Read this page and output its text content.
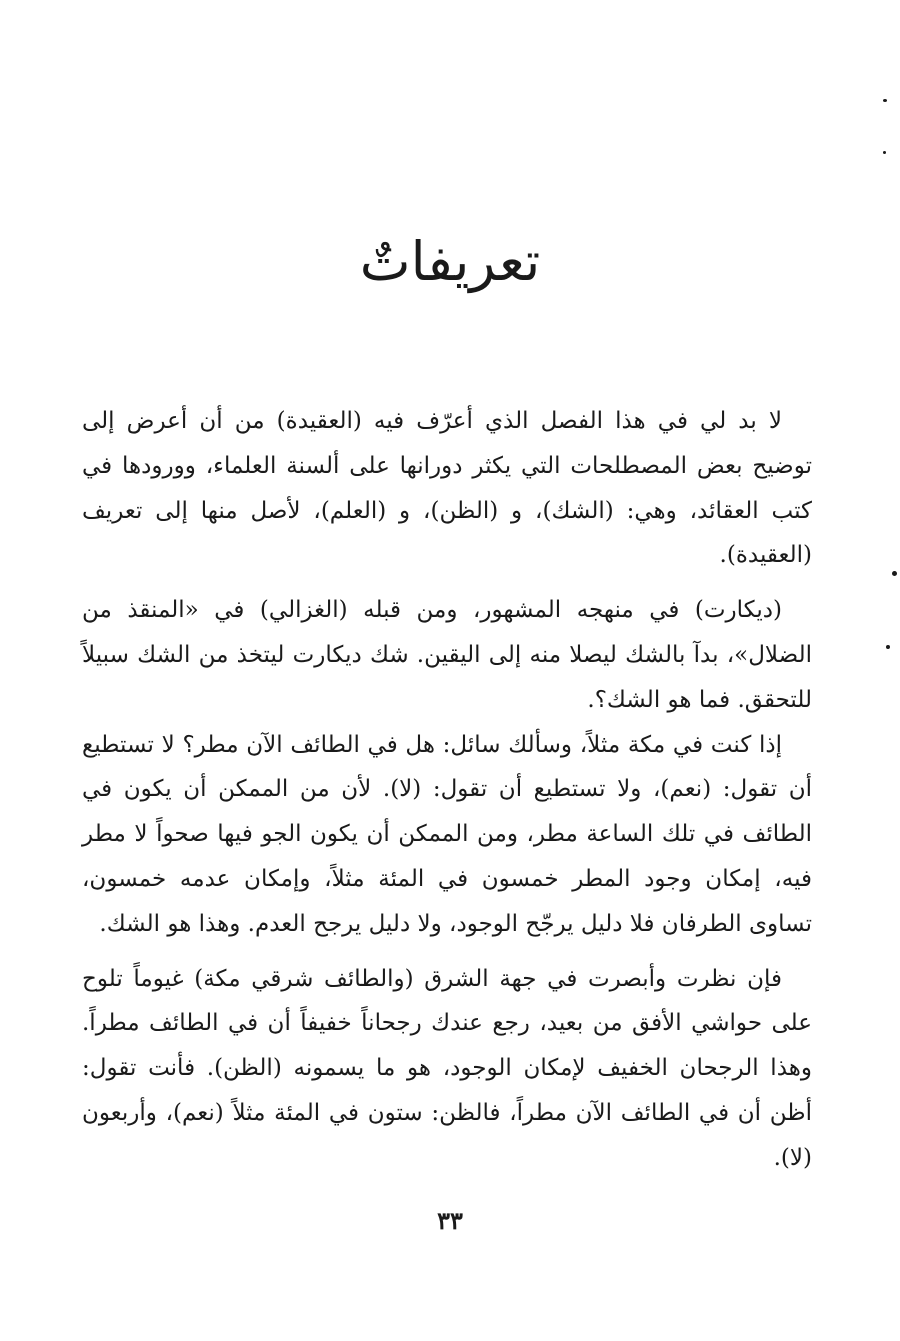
تعريفاتٌ

لا بد لي في هذا الفصل الذي أعرّف فيه (العقيدة) من أن أعرض إلى توضيح بعض المصطلحات التي يكثر دورانها على ألسنة العلماء، وورودها في كتب العقائد، وهي: (الشك)، و (الظن)، و (العلم)، لأصل منها إلى تعريف (العقيدة).

(ديكارت) في منهجه المشهور، ومن قبله (الغزالي) في «المنقذ من الضلال»، بدآ بالشك ليصلا منه إلى اليقين. شك ديكارت ليتخذ من الشك سبيلاً للتحقق. فما هو الشك؟.

إذا كنت في مكة مثلاً، وسألك سائل: هل في الطائف الآن مطر؟ لا تستطيع أن تقول: (نعم)، ولا تستطيع أن تقول: (لا). لأن من الممكن أن يكون في الطائف في تلك الساعة مطر، ومن الممكن أن يكون الجو فيها صحواً لا مطر فيه، إمكان وجود المطر خمسون في المئة مثلاً، وإمكان عدمه خمسون، تساوى الطرفان فلا دليل يرجّح الوجود، ولا دليل يرجح العدم. وهذا هو الشك.

فإن نظرت وأبصرت في جهة الشرق (والطائف شرقي مكة) غيوماً تلوح على حواشي الأفق من بعيد، رجع عندك رجحاناً خفيفاً أن في الطائف مطراً. وهذا الرجحان الخفيف لإمكان الوجود، هو ما يسمونه (الظن). فأنت تقول: أظن أن في الطائف الآن مطراً، فالظن: ستون في المئة مثلاً (نعم)، وأربعون (لا).

٣٣
